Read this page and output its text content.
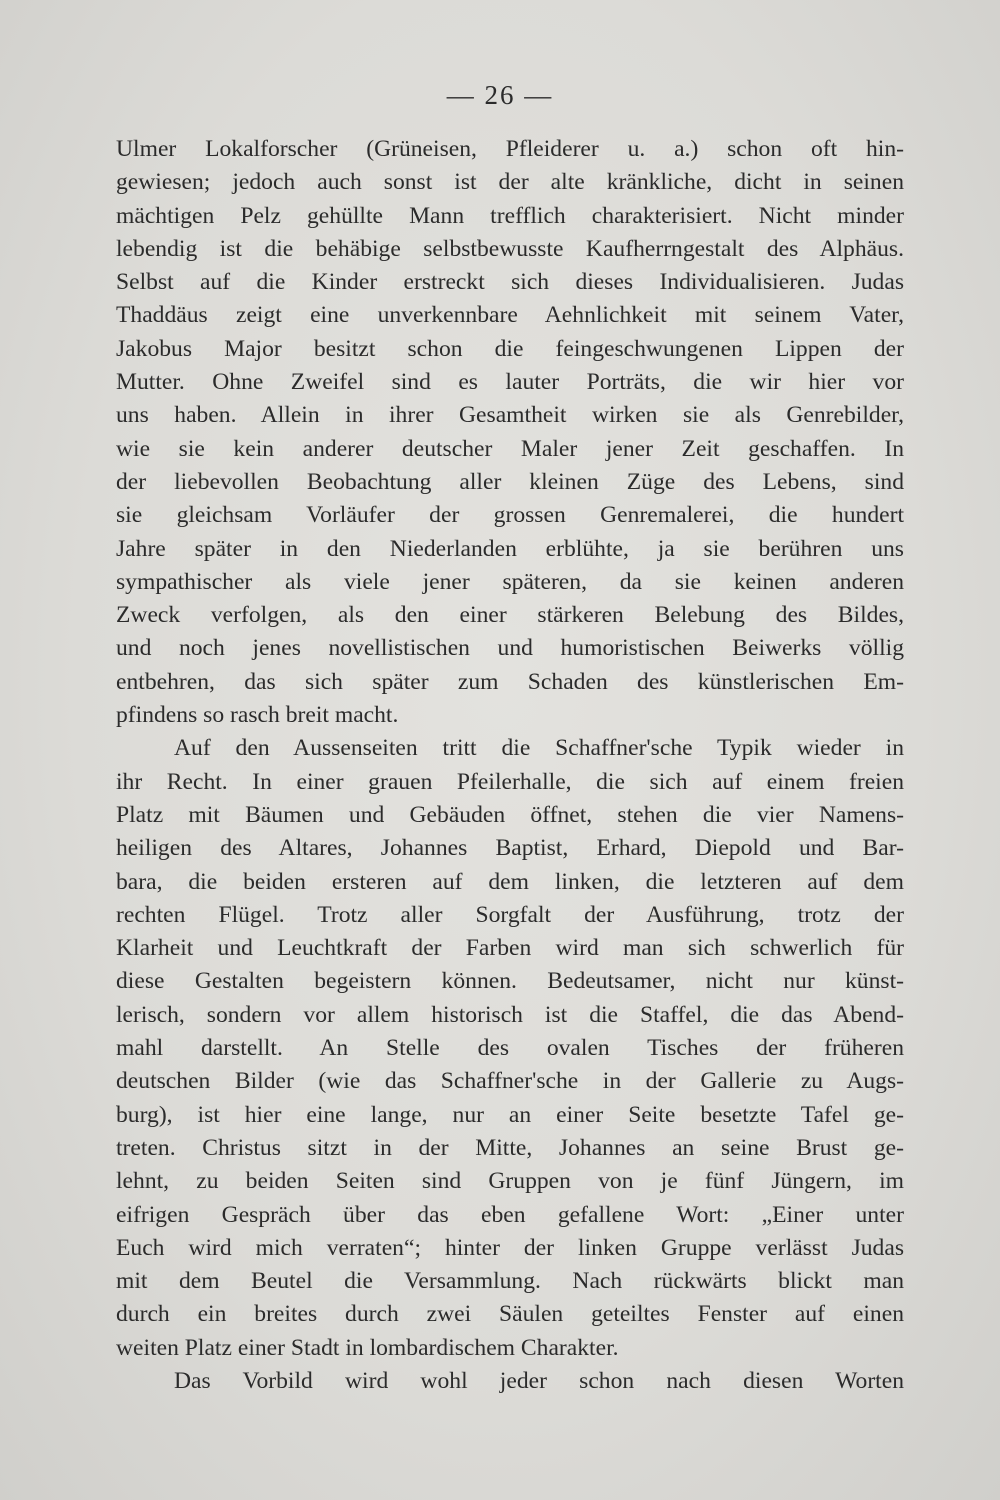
— 26 —
Ulmer Lokalforscher (Grüneisen, Pfleiderer u. a.) schon oft hin-
gewiesen; jedoch auch sonst ist der alte kränkliche, dicht in seinen
mächtigen Pelz gehüllte Mann trefflich charakterisiert. Nicht minder
lebendig ist die behäbige selbstbewusste Kaufherrngestalt des Alphäus.
Selbst auf die Kinder erstreckt sich dieses Individualisieren. Judas
Thaddäus zeigt eine unverkennbare Aehnlichkeit mit seinem Vater,
Jakobus Major besitzt schon die feingeschwungenen Lippen der
Mutter. Ohne Zweifel sind es lauter Porträts, die wir hier vor
uns haben. Allein in ihrer Gesamtheit wirken sie als Genrebilder,
wie sie kein anderer deutscher Maler jener Zeit geschaffen. In
der liebevollen Beobachtung aller kleinen Züge des Lebens, sind
sie gleichsam Vorläufer der grossen Genremalerei, die hundert
Jahre später in den Niederlanden erblühte, ja sie berühren uns
sympathischer als viele jener späteren, da sie keinen anderen
Zweck verfolgen, als den einer stärkeren Belebung des Bildes,
und noch jenes novellistischen und humoristischen Beiwerks völlig
entbehren, das sich später zum Schaden des künstlerischen Em-
pfindens so rasch breit macht.
Auf den Aussenseiten tritt die Schaffner'sche Typik wieder in
ihr Recht. In einer grauen Pfeilerhalle, die sich auf einem freien
Platz mit Bäumen und Gebäuden öffnet, stehen die vier Namens-
heiligen des Altares, Johannes Baptist, Erhard, Diepold und Bar-
bara, die beiden ersteren auf dem linken, die letzteren auf dem
rechten Flügel. Trotz aller Sorgfalt der Ausführung, trotz der
Klarheit und Leuchtkraft der Farben wird man sich schwerlich für
diese Gestalten begeistern können. Bedeutsamer, nicht nur künst-
lerisch, sondern vor allem historisch ist die Staffel, die das Abend-
mahl darstellt. An Stelle des ovalen Tisches der früheren
deutschen Bilder (wie das Schaffner'sche in der Gallerie zu Augs-
burg), ist hier eine lange, nur an einer Seite besetzte Tafel ge-
treten. Christus sitzt in der Mitte, Johannes an seine Brust ge-
lehnt, zu beiden Seiten sind Gruppen von je fünf Jüngern, im
eifrigen Gespräch über das eben gefallene Wort: „Einer unter
Euch wird mich verraten“; hinter der linken Gruppe verlässt Judas
mit dem Beutel die Versammlung. Nach rückwärts blickt man
durch ein breites durch zwei Säulen geteiltes Fenster auf einen
weiten Platz einer Stadt in lombardischem Charakter.
Das Vorbild wird wohl jeder schon nach diesen Worten
